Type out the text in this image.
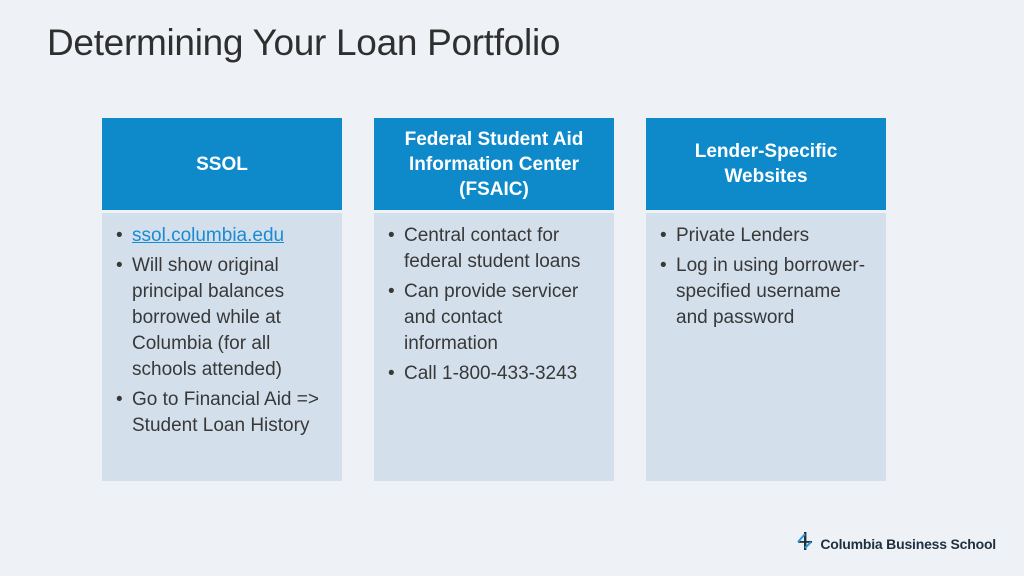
Determining Your Loan Portfolio
SSOL
• ssol.columbia.edu
• Will show original principal balances borrowed while at Columbia (for all schools attended)
• Go to Financial Aid => Student Loan History
Federal Student Aid Information Center (FSAIC)
• Central contact for federal student loans
• Can provide servicer and contact information
• Call 1-800-433-3243
Lender-Specific Websites
• Private Lenders
• Log in using borrower-specified username and password
Columbia Business School
